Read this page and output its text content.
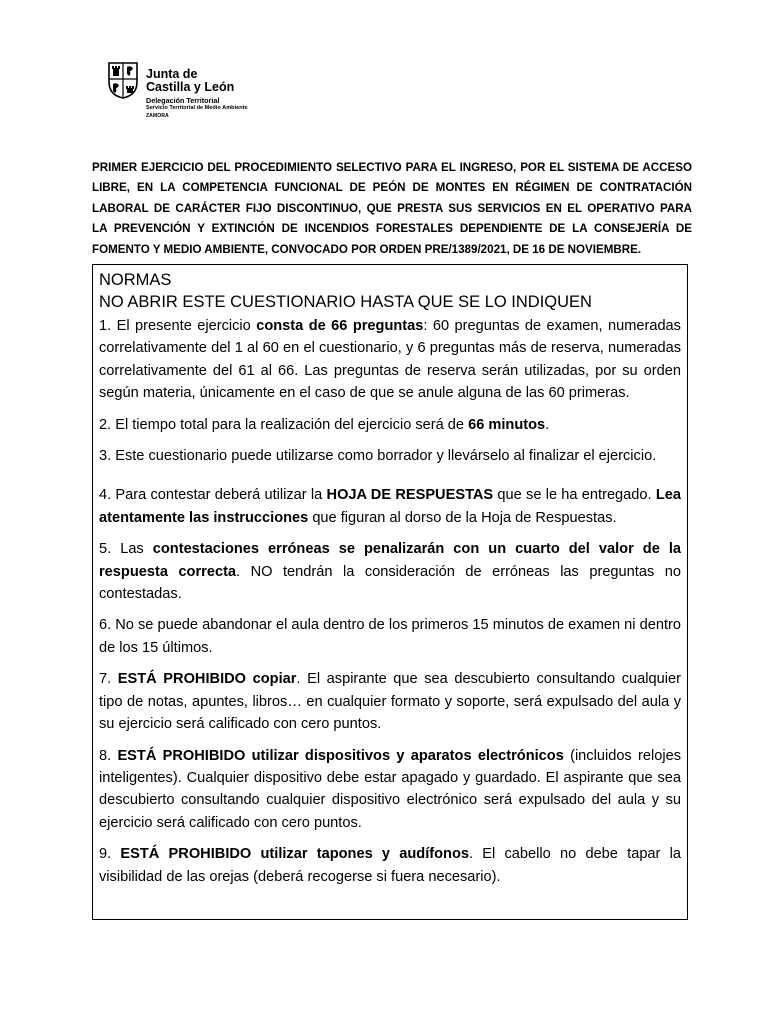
Junta de
Castilla y León
Delegación Territorial
Servicio Territorial de Medio Ambiente
ZAMORA
PRIMER EJERCICIO DEL PROCEDIMIENTO SELECTIVO PARA EL INGRESO, POR EL SISTEMA DE ACCESO
LIBRE, EN LA COMPETENCIA FUNCIONAL DE PEÓN DE MONTES EN RÉGIMEN DE CONTRATACIÓN
LABORAL DE CARÁCTER FIJO DISCONTINUO, QUE PRESTA SUS SERVICIOS EN EL OPERATIVO PARA
LA PREVENCIÓN Y EXTINCIÓN DE INCENDIOS FORESTALES DEPENDIENTE DE LA CONSEJERÍA DE
FOMENTO Y MEDIO AMBIENTE, CONVOCADO POR ORDEN PRE/1389/2021, DE 16 DE NOVIEMBRE.
NORMAS
NO ABRIR ESTE CUESTIONARIO HASTA QUE SE LO INDIQUEN

1. El presente ejercicio consta de 66 preguntas: 60 preguntas de examen, numeradas correlativamente del 1 al 60 en el cuestionario, y 6 preguntas más de reserva, numeradas correlativamente del 61 al 66. Las preguntas de reserva serán utilizadas, por su orden según materia, únicamente en el caso de que se anule alguna de las 60 primeras.

2. El tiempo total para la realización del ejercicio será de 66 minutos.

3. Este cuestionario puede utilizarse como borrador y llevárselo al finalizar el ejercicio.

4. Para contestar deberá utilizar la HOJA DE RESPUESTAS que se le ha entregado. Lea atentamente las instrucciones que figuran al dorso de la Hoja de Respuestas.

5. Las contestaciones erróneas se penalizarán con un cuarto del valor de la respuesta correcta. NO tendrán la consideración de erróneas las preguntas no contestadas.

6. No se puede abandonar el aula dentro de los primeros 15 minutos de examen ni dentro de los 15 últimos.

7. ESTÁ PROHIBIDO copiar. El aspirante que sea descubierto consultando cualquier tipo de notas, apuntes, libros… en cualquier formato y soporte, será expulsado del aula y su ejercicio será calificado con cero puntos.

8. ESTÁ PROHIBIDO utilizar dispositivos y aparatos electrónicos (incluidos relojes inteligentes). Cualquier dispositivo debe estar apagado y guardado. El aspirante que sea descubierto consultando cualquier dispositivo electrónico será expulsado del aula y su ejercicio será calificado con cero puntos.

9. ESTÁ PROHIBIDO utilizar tapones y audífonos. El cabello no debe tapar la visibilidad de las orejas (deberá recogerse si fuera necesario).
